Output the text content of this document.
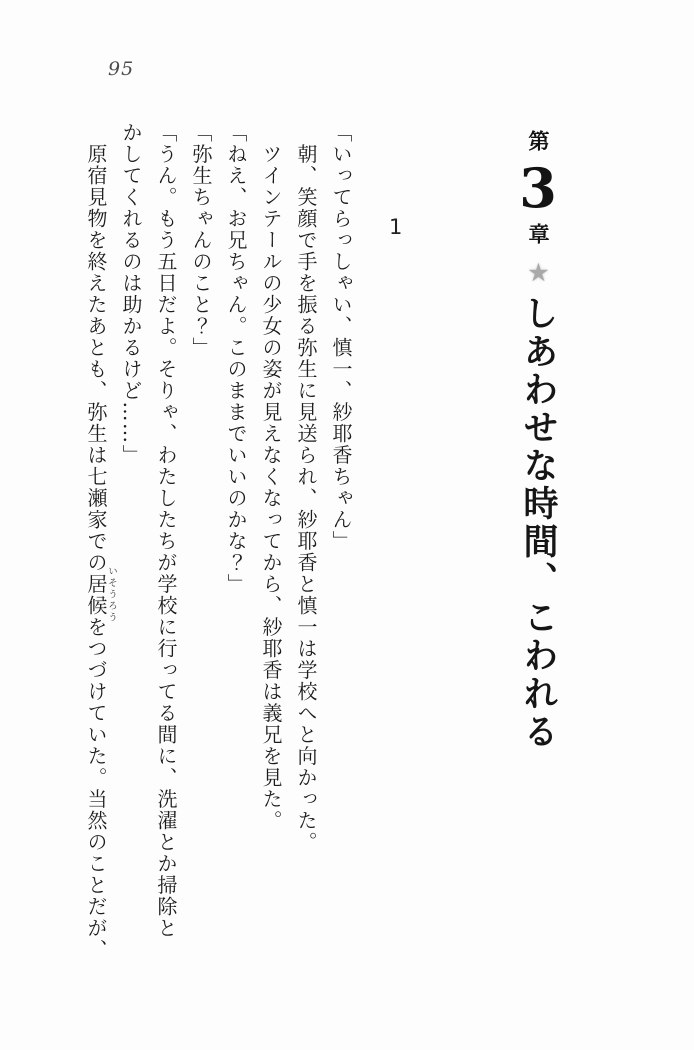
95
第3章★しあわせな時間、こわれる
1
「いってらっしゃい、慎一、紗耶香ちゃん」
　朝、笑顔で手を振る弥生に見送られ、紗耶香と慎一は学校へと向かった。
　ツインテールの少女の姿が見えなくなってから、紗耶香は義兄を見た。
「ねえ、お兄ちゃん。このままでいいのかな？」
「弥生ちゃんのこと？」
「うん。もう五日だよ。そりゃ、わたしたちが学校に行ってる間に、洗濯とか掃除と
かしてくれるのは助かるけど……」
　原宿見物を終えたあとも、弥生は七瀬家での居候をつづけていた。当然のことだが、
いそうろう
